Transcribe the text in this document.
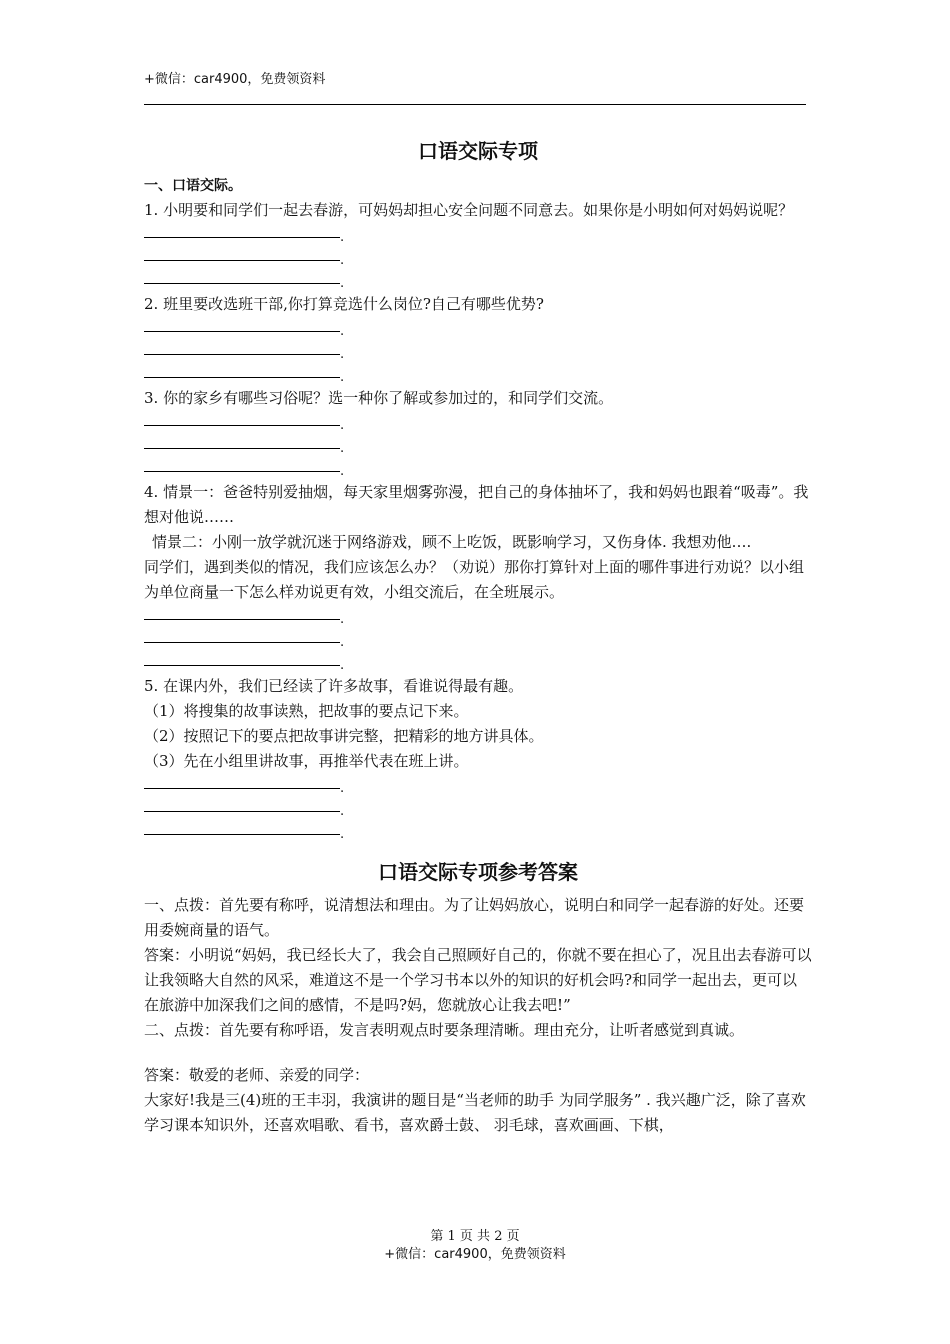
+微信：car4900，免费领资料
口语交际专项
一、口语交际。

1. 小明要和同学们一起去春游，可妈妈却担心安全问题不同意去。如果你是小明如何对妈妈说呢？

.
.
.

2. 班里要改选班干部,你打算竞选什么岗位?自己有哪些优势?

.
.
.

3. 你的家乡有哪些习俗呢？选一种你了解或参加过的，和同学们交流。

.
.
.

4. 情景一：爸爸特别爱抽烟，每天家里烟雾弥漫，把自己的身体抽坏了，我和妈妈也跟着“吸毒”。我想对他说……

情景二：小刚一放学就沉迷于网络游戏，顾不上吃饭，既影响学习，又伤身体. 我想劝他….

同学们，遇到类似的情况，我们应该怎么办？（劝说）那你打算针对上面的哪件事进行劝说？以小组为单位商量一下怎么样劝说更有效，小组交流后，在全班展示。

.
.
.

5. 在课内外，我们已经读了许多故事，看谁说得最有趣。

（1）将搜集的故事读熟，把故事的要点记下来。

（2）按照记下的要点把故事讲完整，把精彩的地方讲具体。

（3）先在小组里讲故事，再推举代表在班上讲。

.
.
.
口语交际专项参考答案

一、点拨：首先要有称呼，说清想法和理由。为了让妈妈放心，说明白和同学一起春游的好处。还要用委婉商量的语气。

答案：小明说“妈妈，我已经长大了，我会自己照顾好自己的，你就不要在担心了，况且出去春游可以让我领略大自然的风采，难道这不是一个学习书本以外的知识的好机会吗?和同学一起出去，更可以在旅游中加深我们之间的感情，不是吗?妈，您就放心让我去吧!”

二、点拨：首先要有称呼语，发言表明观点时要条理清晰。理由充分，让听者感觉到真诚。

答案：敬爱的老师、亲爱的同学：

大家好!我是三(4)班的王丰羽，我演讲的题目是“当老师的助手 为同学服务” . 我兴趣广泛，除了喜欢学习课本知识外，还喜欢唱歌、看书，喜欢爵士鼓、 羽毛球，喜欢画画、下棋，

第 1 页 共 2 页
+微信：car4900，免费领资料
